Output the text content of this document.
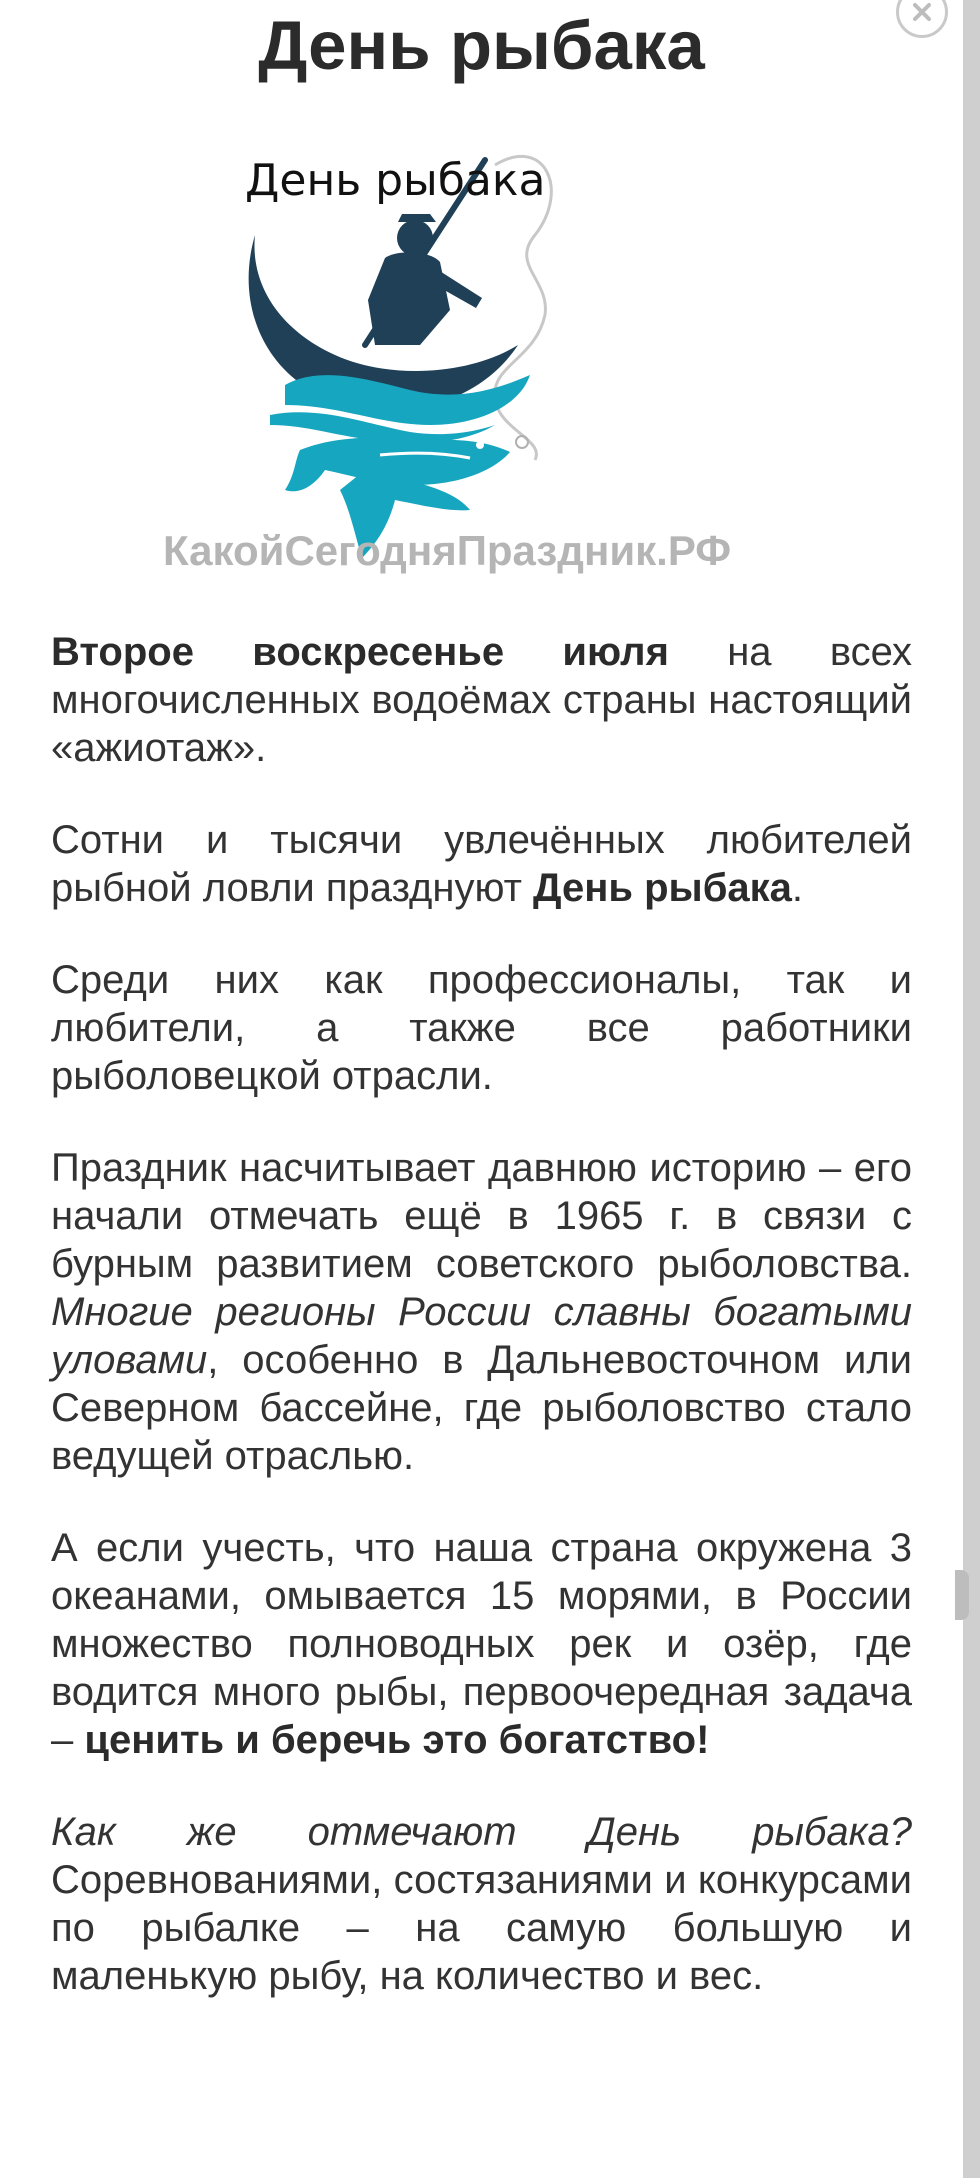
День рыбака
День рыбака
КакойСегодняПраздник.РФ

Второе воскресенье июля на всех многочисленных водоёмах страны настоящий «ажиотаж».

Сотни и тысячи увлечённых любителей рыбной ловли празднуют День рыбака.

Среди них как профессионалы, так и любители, а также все работники рыболовецкой отрасли.

Праздник насчитывает давнюю историю – его начали отмечать ещё в 1965 г. в связи с бурным развитием советского рыболовства. Многие регионы России славны богатыми уловами, особенно в Дальневосточном или Северном бассейне, где рыболовство стало ведущей отраслью.

А если учесть, что наша страна окружена 3 океанами, омывается 15 морями, в России множество полноводных рек и озёр, где водится много рыбы, первоочередная задача – ценить и беречь это богатство!

Как же отмечают День рыбака? Соревнованиями, состязаниями и конкурсами по рыбалке – на самую большую и маленькую рыбу, на количество и вес.
